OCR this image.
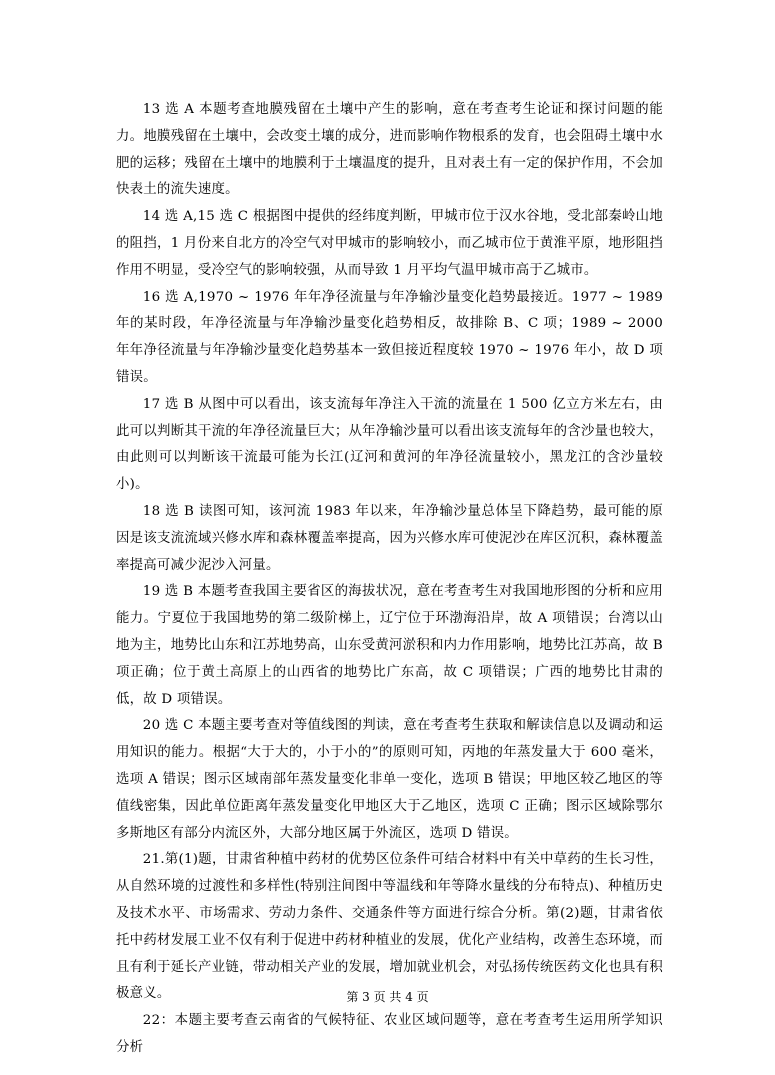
13 选 A 本题考查地膜残留在土壤中产生的影响，意在考查考生论证和探讨问题的能力。地膜残留在土壤中，会改变土壤的成分，进而影响作物根系的发育，也会阻碍土壤中水肥的运移；残留在土壤中的地膜利于土壤温度的提升，且对表土有一定的保护作用，不会加快表土的流失速度。

14 选 A,15 选 C 根据图中提供的经纬度判断，甲城市位于汉水谷地，受北部秦岭山地的阻挡，1 月份来自北方的冷空气对甲城市的影响较小，而乙城市位于黄淮平原，地形阻挡作用不明显，受冷空气的影响较强，从而导致 1 月平均气温甲城市高于乙城市。

16 选 A,1970 ~ 1976 年年净径流量与年净输沙量变化趋势最接近。1977 ~ 1989 年的某时段，年净径流量与年净输沙量变化趋势相反，故排除 B、C 项；1989 ~ 2000 年年净径流量与年净输沙量变化趋势基本一致但接近程度较 1970 ~ 1976 年小，故 D 项错误。

17 选 B 从图中可以看出，该支流每年净注入干流的流量在 1 500 亿立方米左右，由此可以判断其干流的年净径流量巨大；从年净输沙量可以看出该支流每年的含沙量也较大，由此则可以判断该干流最可能为长江(辽河和黄河的年净径流量较小，黑龙江的含沙量较小)。

18 选 B 读图可知，该河流 1983 年以来，年净输沙量总体呈下降趋势，最可能的原因是该支流流域兴修水库和森林覆盖率提高，因为兴修水库可使泥沙在库区沉积，森林覆盖率提高可减少泥沙入河量。

19 选 B 本题考查我国主要省区的海拔状况，意在考查考生对我国地形图的分析和应用能力。宁夏位于我国地势的第二级阶梯上，辽宁位于环渤海沿岸，故 A 项错误；台湾以山地为主，地势比山东和江苏地势高，山东受黄河淤积和内力作用影响，地势比江苏高，故 B 项正确；位于黄土高原上的山西省的地势比广东高，故 C 项错误；广西的地势比甘肃的低，故 D 项错误。

20 选 C 本题主要考查对等值线图的判读，意在考查考生获取和解读信息以及调动和运用知识的能力。根据“大于大的，小于小的”的原则可知，丙地的年蒸发量大于 600 毫米，选项 A 错误；图示区域南部年蒸发量变化非单一变化，选项 B 错误；甲地区较乙地区的等值线密集，因此单位距离年蒸发量变化甲地区大于乙地区，选项 C 正确；图示区域除鄂尔多斯地区有部分内流区外，大部分地区属于外流区，选项 D 错误。

21.第(1)题，甘肃省种植中药材的优势区位条件可结合材料中有关中草药的生长习性，从自然环境的过渡性和多样性(特别注间图中等温线和年等降水量线的分布特点)、种植历史及技术水平、市场需求、劳动力条件、交通条件等方面进行综合分析。第(2)题，甘肃省依托中药材发展工业不仅有利于促进中药材种植业的发展，优化产业结构，改善生态环境，而且有利于延长产业链，带动相关产业的发展，增加就业机会，对弘扬传统医药文化也具有积极意义。

22：本题主要考查云南省的气候特征、农业区域问题等，意在考查考生运用所学知识分析

第 3 页 共 4 页
